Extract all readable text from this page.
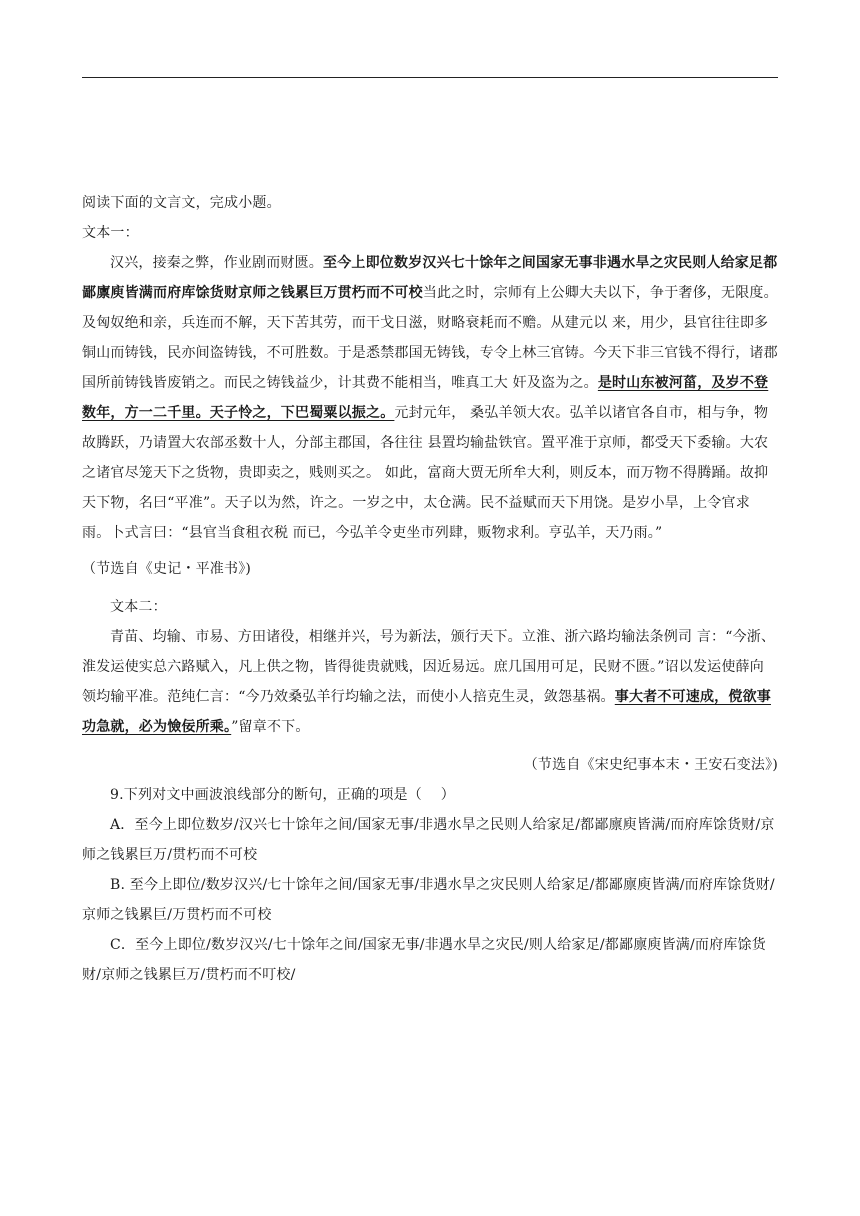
阅读下面的文言文，完成小题。

文本一：

汉兴，接秦之弊，作业剧而财匮。至今上即位数岁汉兴七十馀年之间国家无事非遇水旱之灾民则人给家足都鄙廪庾皆满而府库馀货财京师之钱累巨万贯朽而不可校当此之时，宗师有上公卿大夫以下，争于奢侈，无限度。及匈奴绝和亲，兵连而不解，天下苦其劳，而干戈日滋，财略衰耗而不赡。从建元以 来，用少，县官往往即多铜山而铸钱，民亦间盗铸钱，不可胜数。于是悉禁郡国无铸钱，专令上林三官铸。今天下非三官钱不得行，诸郡国所前铸钱皆废销之。而民之铸钱益少，计其费不能相当，唯真工大 奸及盗为之。是时山东被河菑，及岁不登数年，方一二千里。天子怜之，下巴蜀粟以振之。元封元年， 桑弘羊领大农。弘羊以诸官各自市，相与争，物故腾跃，乃请置大农部丞数十人，分部主郡国，各往往 县置均输盐铁官。置平准于京师，都受天下委输。大农之诸官尽笼天下之货物，贵即卖之，贱则买之。 如此，富商大贾无所牟大利，则反本，而万物不得腾踊。故抑天下物，名曰“平准”。天子以为然，许之。一岁之中，太仓满。民不益赋而天下用饶。是岁小旱，上令官求雨。卜式言曰：“县官当食租衣税 而已，今弘羊令吏坐市列肆，贩物求利。亨弘羊，天乃雨。”

（节选自《史记・平准书》)

文本二：

青苗、均输、市易、方田诸役，相继并兴，号为新法，颁行天下。立淮、浙六路均输法条例司 言：“今浙、淮发运使实总六路赋入，凡上供之物，皆得徙贵就贱，因近易远。庶几国用可足，民财不匮。”诏以发运使薛向领均输平准。范纯仁言：“今乃效桑弘羊行均输之法，而使小人掊克生灵，敛怨基祸。事大者不可速成，傥欲事功急就，必为憸佞所乘。”留章不下。

（节选自《宋史纪事本末・王安石变法》)

9.下列对文中画波浪线部分的断句，正确的项是（　 ）

A．至今上即位数岁/汉兴七十馀年之间/国家无事/非遇水旱之民则人给家足/都鄙廪庾皆满/而府库馀货财/京师之钱累巨万/贯朽而不可校

B. 至今上即位/数岁汉兴/七十馀年之间/国家无事/非遇水旱之灾民则人给家足/都鄙廪庾皆满/而府库馀货财/京师之钱累巨/万贯朽而不可校

C．至今上即位/数岁汉兴/七十馀年之间/国家无事/非遇水旱之灾民/则人给家足/都鄙廪庾皆满/而府库馀货财/京师之钱累巨万/贯朽而不叮校/
